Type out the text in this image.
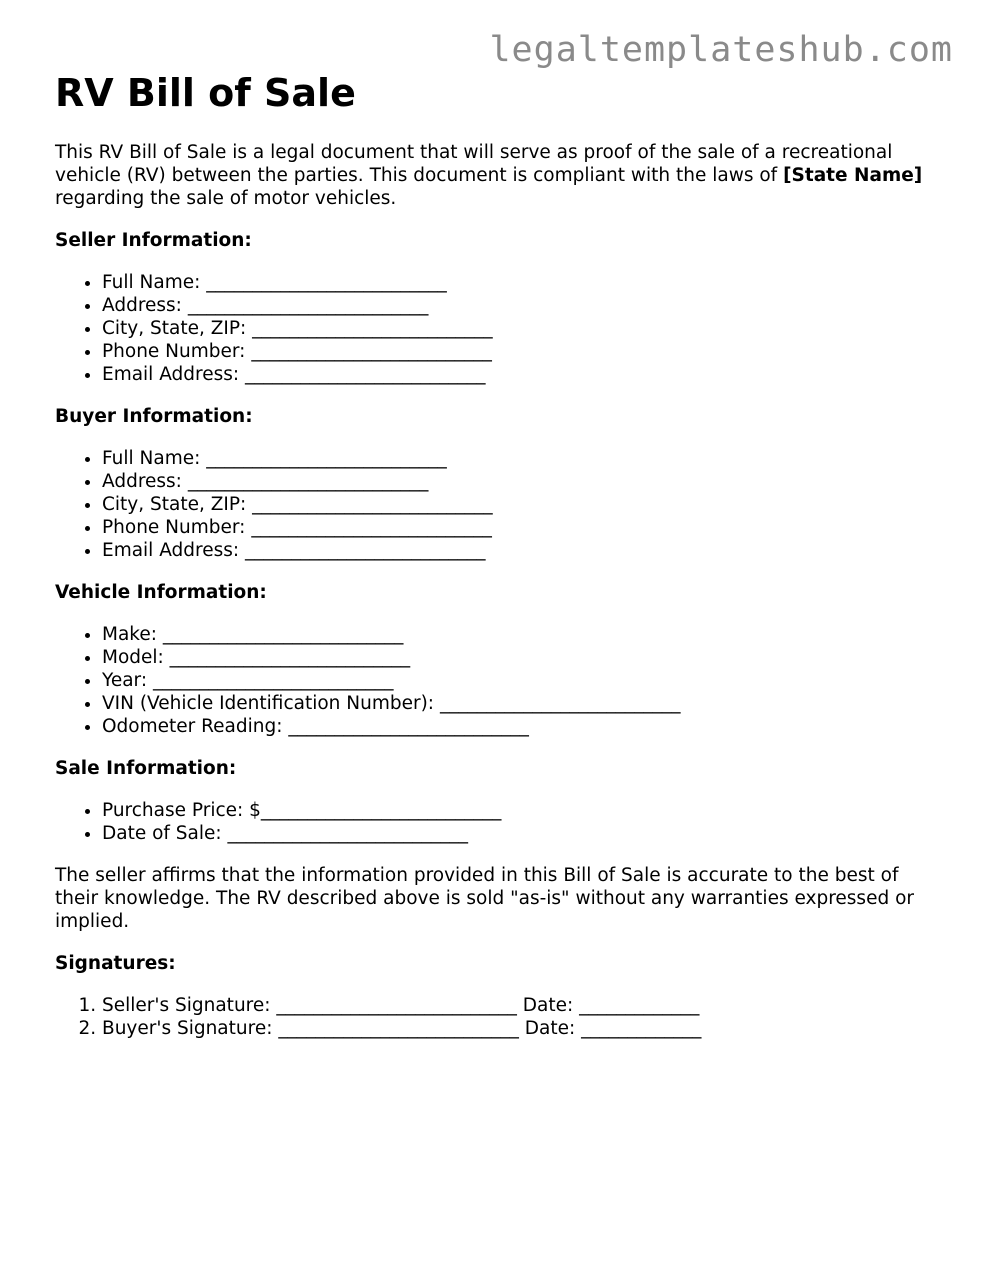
legaltemplateshub.com
RV Bill of Sale

This RV Bill of Sale is a legal document that will serve as proof of the sale of a recreational vehicle (RV) between the parties. This document is compliant with the laws of [State Name] regarding the sale of motor vehicles.

Seller Information:
• Full Name: __________________________
• Address: __________________________
• City, State, ZIP: __________________________
• Phone Number: __________________________
• Email Address: __________________________
Buyer Information:
• Full Name: __________________________
• Address: __________________________
• City, State, ZIP: __________________________
• Phone Number: __________________________
• Email Address: __________________________
Vehicle Information:
• Make: __________________________
• Model: __________________________
• Year: __________________________
• VIN (Vehicle Identification Number): __________________________
• Odometer Reading: __________________________
Sale Information:
• Purchase Price: $__________________________
• Date of Sale: __________________________

The seller affirms that the information provided in this Bill of Sale is accurate to the best of their knowledge. The RV described above is sold "as-is" without any warranties expressed or implied.

Signatures:
1. Seller's Signature: __________________________ Date: _____________
2. Buyer's Signature: __________________________ Date: _____________
